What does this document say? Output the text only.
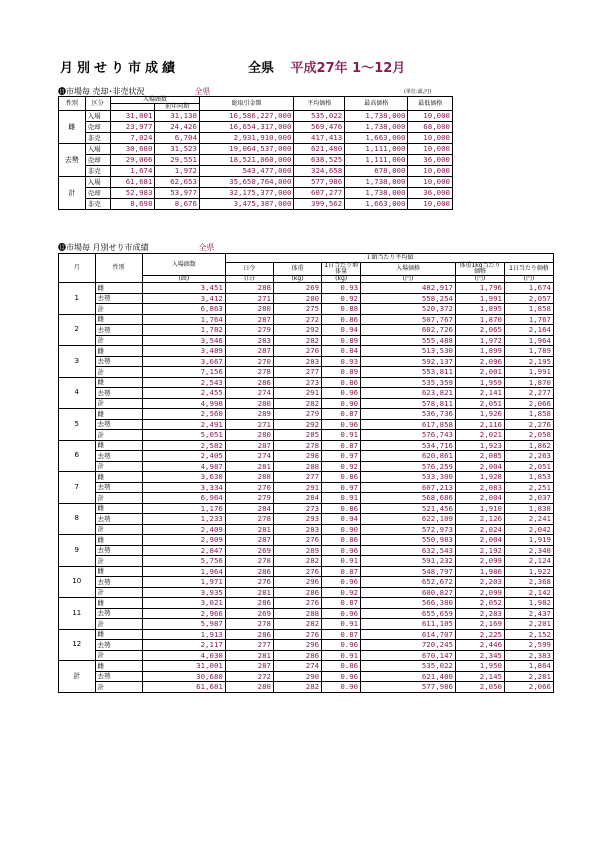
月別せり市成績	全県 平成27年 1～12月
⓫市場毎 売却･非売状況	全県	(単位:頭,円)
性別	区分	入場頭数		総取引金額	平均価格	最高価格	最低価格
			前年同期				
雌	入場	31,001	31,130	16,586,227,000	535,022	1,738,000	10,000
	売却	23,977	24,426	16,654,317,000	569,476	1,738,000	68,000
	非売	7,024	6,704	2,931,910,000	417,413	1,663,000	10,000
去勢	入場	30,680	31,523	19,064,537,000	621,400	1,111,000	10,000
	売却	29,006	29,551	18,521,060,000	638,525	1,111,000	36,000
	非売	1,674	1,972	543,477,000	324,658	678,000	10,000
計	入場	61,681	62,653	35,650,764,000	577,986	1,738,000	10,000
	売却	52,983	53,977	32,175,377,000	607,277	1,738,000	36,000
	非売	8,698	8,676	3,475,387,000	399,562	1,663,000	10,000
⓬市場毎 月別せり市成績	全県
月	性別	入場頭数	１頭当たり平均値					
			日令	体重	1日当たり増体量	入場価格	体重1kg当たり価格	1日当たり価格
		(頭)	(日)	(kg)	(kg)	(円)	(円)	(円)
1	雌	3,451	288	269	0.93	482,917	1,796	1,674
	去勢	3,412	271	280	0.92	558,254	1,991	2,057
	計	6,863	280	275	0.88	520,372	1,895	1,858
2	雌	1,764	287	272	0.86	507,767	1,870	1,767
	去勢	1,782	279	292	0.94	602,726	2,065	2,164
	計	3,546	283	282	0.89	555,488	1,972	1,964
3	雌	3,489	287	270	0.84	513,530	1,899	1,789
	去勢	3,667	270	283	0.93	592,137	2,096	2,195
	計	7,156	278	277	0.89	553,811	2,001	1,991
4	雌	2,543	286	273	0.86	535,359	1,959	1,870
	去勢	2,455	274	291	0.96	623,821	2,141	2,277
	計	4,998	280	282	0.90	578,811	2,051	2,066
5	雌	2,560	289	279	0.87	536,736	1,926	1,858
	去勢	2,491	271	292	0.96	617,858	2,116	2,276
	計	5,051	280	285	0.91	576,743	2,021	2,058
6	雌	2,582	287	278	0.87	534,716	1,923	1,862
	去勢	2,405	274	298	0.97	620,861	2,085	2,263
	計	4,987	281	288	0.92	576,259	2,004	2,051
7	雌	3,630	288	277	0.86	533,300	1,928	1,853
	去勢	3,334	270	291	0.97	607,213	2,083	2,251
	計	6,964	279	284	0.91	568,686	2,004	2,037
8	雌	1,176	284	273	0.86	521,456	1,910	1,838
	去勢	1,233	278	293	0.94	622,109	2,126	2,241
	計	2,409	281	283	0.90	572,973	2,024	2,042
9	雌	2,909	287	276	0.86	550,983	2,004	1,919
	去勢	2,847	269	289	0.96	632,543	2,192	2,348
	計	5,756	278	282	0.91	591,232	2,099	2,124
10	雌	1,964	286	276	0.87	548,797	1,986	1,922
	去勢	1,971	276	296	0.96	652,672	2,203	2,368
	計	3,935	281	286	0.92	600,827	2,099	2,142
11	雌	3,021	286	276	0.87	566,380	2,052	1,982
	去勢	2,966	269	288	0.96	655,659	2,283	2,437
	計	5,987	278	282	0.91	611,105	2,169	2,201
12	雌	1,913	286	276	0.87	614,707	2,225	2,152
	去勢	2,117	277	296	0.96	720,245	2,446	2,599
	計	4,030	281	286	0.91	670,147	2,345	2,383
計	雌	31,001	287	274	0.86	535,022	1,950	1,864
	去勢	30,680	272	290	0.96	621,400	2,145	2,281
	計	61,681	280	282	0.90	577,986	2,050	2,066
